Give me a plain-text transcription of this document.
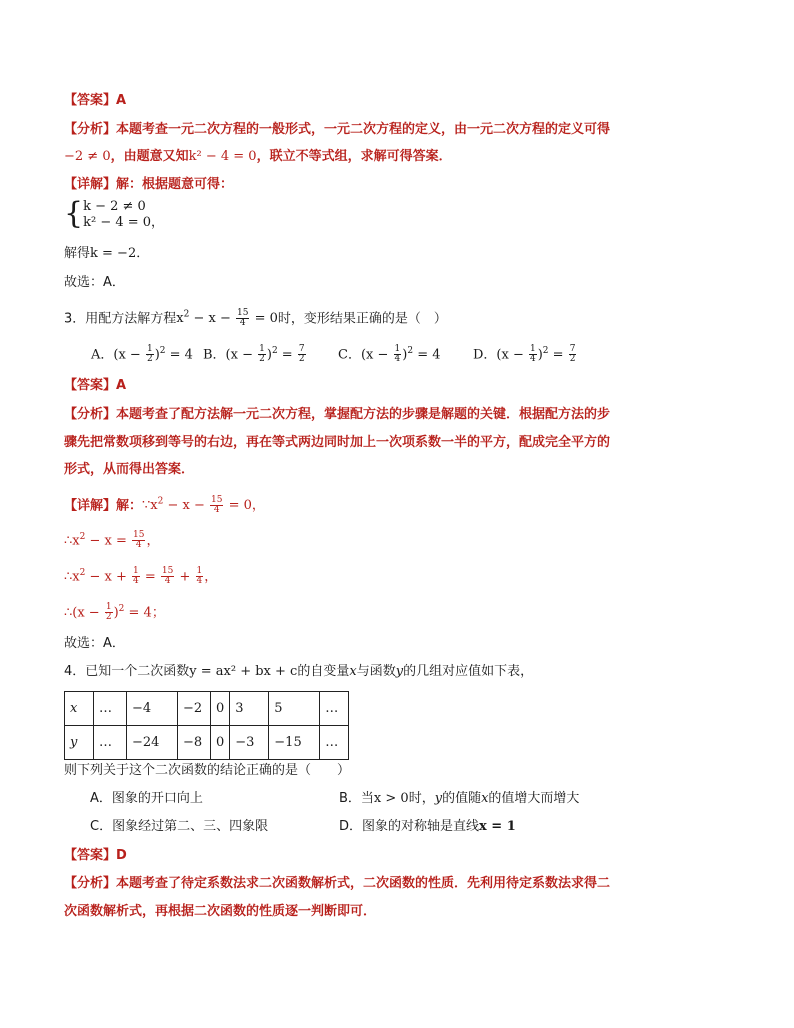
【答案】A
【分析】本题考查一元二次方程的一般形式，一元二次方程的定义，由一元二次方程的定义可得
−2 ≠ 0，由题意又知k² − 4 = 0，联立不等式组，求解可得答案．
【详解】解：根据题意可得：
{ k − 2 ≠ 0
k² − 4 = 0 ，
解得k = −2．
故选：A．
3．用配方法解方程$x^2 - x - \frac{15}{4} = 0$时，变形结果正确的是（　）
A．$(x - \frac{1}{2} )^2 = 4$ B．$(x - \frac{1}{2} )^2 = \frac{7}{2}$ C．$(x - \frac{1}{4} )^2 = 4$	D．$(x - \frac{1}{4} )^2 = \frac{7}{2}$
【答案】A
【分析】本题考查了配方法解一元二次方程，掌握配方法的步骤是解题的关键．根据配方法的步
骤先把常数项移到等号的右边，再在等式两边同时加上一次项系数一半的平方，配成完全平方的
形式，从而得出答案．
【详解】解：$\because x^2 - x - \frac{15}{4} = 0$，
$\therefore x^2 - x = \frac{15}{4}$ ，
$\therefore x^2 - x + \frac{1}{4} = \frac{15}{4} + \frac{1}{4}$ ，
∴(x − $\frac{1}{2} )^2 = 4$；
故选：A．
4．已知一个二次函数y = ax² + bx + c的自变量x与函数y的几组对应值如下表，
x	…	−4	−2	0	3	5	…
y	…	−24	−8	0	−3	−15	…
则下列关于这个二次函数的结论正确的是（　　）
A．图象的开口向上	B．当x > 0时，y的值随x的值增大而增大
C．图象经过第二、三、四象限	D．图象的对称轴是直线x = 1
【答案】D
【分析】本题考查了待定系数法求二次函数解析式，二次函数的性质．先利用待定系数法求得二
次函数解析式，再根据二次函数的性质逐一判断即可．
